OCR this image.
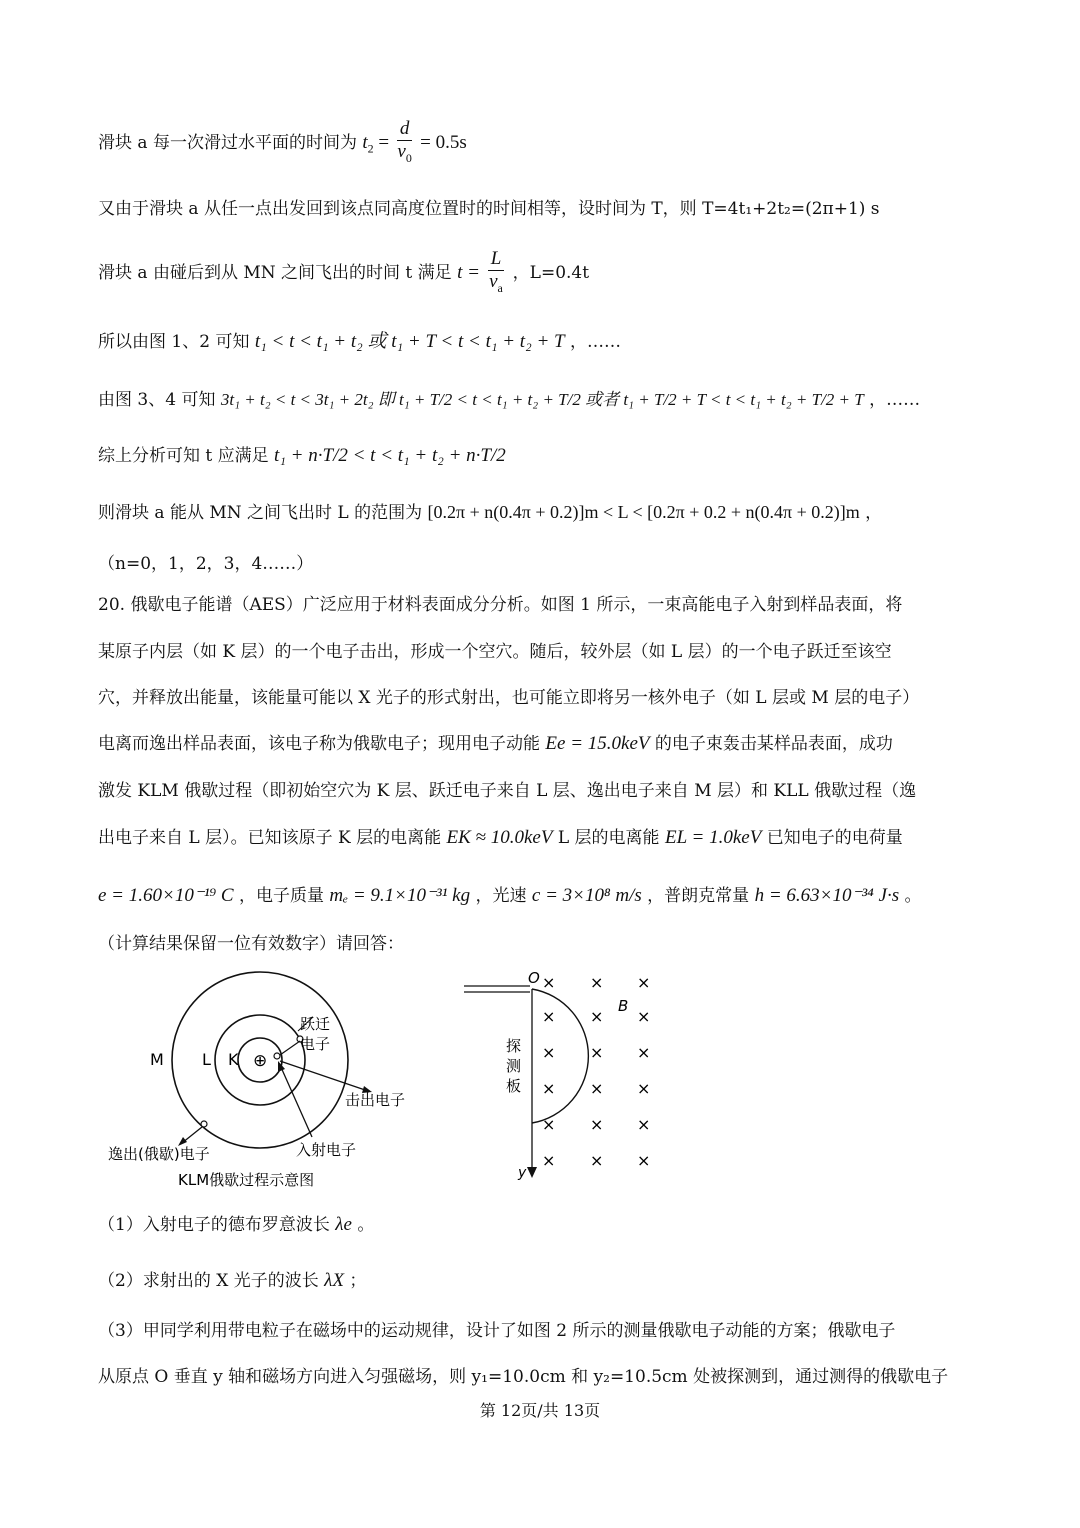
滑块 a 每一次滑过水平面的时间为 $t_2 = \frac{d}{v_0} = 0.5s$
又由于滑块 a 从任一点出发回到该点同高度位置时的时间相等，设时间为 T，则 T=4t₁+2t₂=(2π+1) s
滑块 a 由碰后到从 MN 之间飞出的时间 t 满足 $t = \frac{L}{v_a}$ ，L=0.4t
所以由图 1、2 可知 t₁ < t < t₁ + t₂ 或 t₁ + T < t < t₁ + t₂ + T ，……
由图 3、4 可知 3t₁ + t₂ < t < 3t₁ + 2t₂ 即 t₁ + T/2 < t < t₁ + t₂ + T/2 或者 t₁ + T/2 + T < t < t₁ + t₂ + T/2 + T ，……
综上分析可知 t 应满足 t₁ + n·T/2 < t < t₁ + t₂ + n·T/2
则滑块 a 能从 MN 之间飞出时 L 的范围为 [0.2π + n(0.4π + 0.2)]m < L < [0.2π + 0.2 + n(0.4π + 0.2)]m ，
（n=0，1，2，3，4……）
20. 俄歇电子能谱（AES）广泛应用于材料表面成分分析。如图 1 所示，一束高能电子入射到样品表面，将
某原子内层（如 K 层）的一个电子击出，形成一个空穴。随后，较外层（如 L 层）的一个电子跃迁至该空
穴，并释放出能量，该能量可能以 X 光子的形式射出，也可能立即将另一核外电子（如 L 层或 M 层的电子）
电离而逸出样品表面，该电子称为俄歇电子；现用电子动能 Ee = 15.0keV 的电子束轰击某样品表面，成功
激发 KLM 俄歇过程（即初始空穴为 K 层、跃迁电子来自 L 层、逸出电子来自 M 层）和 KLL 俄歇过程（逸
出电子来自 L 层）。已知该原子 K 层的电离能 EK ≈ 10.0keV L 层的电离能 EL = 1.0keV 已知电子的电荷量
e = 1.60×10⁻¹⁹ C ，电子质量 mₑ = 9.1×10⁻³¹ kg ，光速 c = 3×10⁸ m/s ，普朗克常量 h = 6.63×10⁻³⁴ J·s 。
（计算结果保留一位有效数字）请回答：
⊕
M L K
跃迁
电子
击出电子
入射电子
逸出(俄歇)电子
KLM俄歇过程示意图
O
B
y
探
测
板
× × ×
× × ×
× × ×
× × ×
× × ×
× × ×
（1）入射电子的德布罗意波长 λe 。
（2）求射出的 X 光子的波长 λX ；
（3）甲同学利用带电粒子在磁场中的运动规律，设计了如图 2 所示的测量俄歇电子动能的方案；俄歇电子
从原点 O 垂直 y 轴和磁场方向进入匀强磁场，则 y₁=10.0cm 和 y₂=10.5cm 处被探测到，通过测得的俄歇电子
第 12页/共 13页
